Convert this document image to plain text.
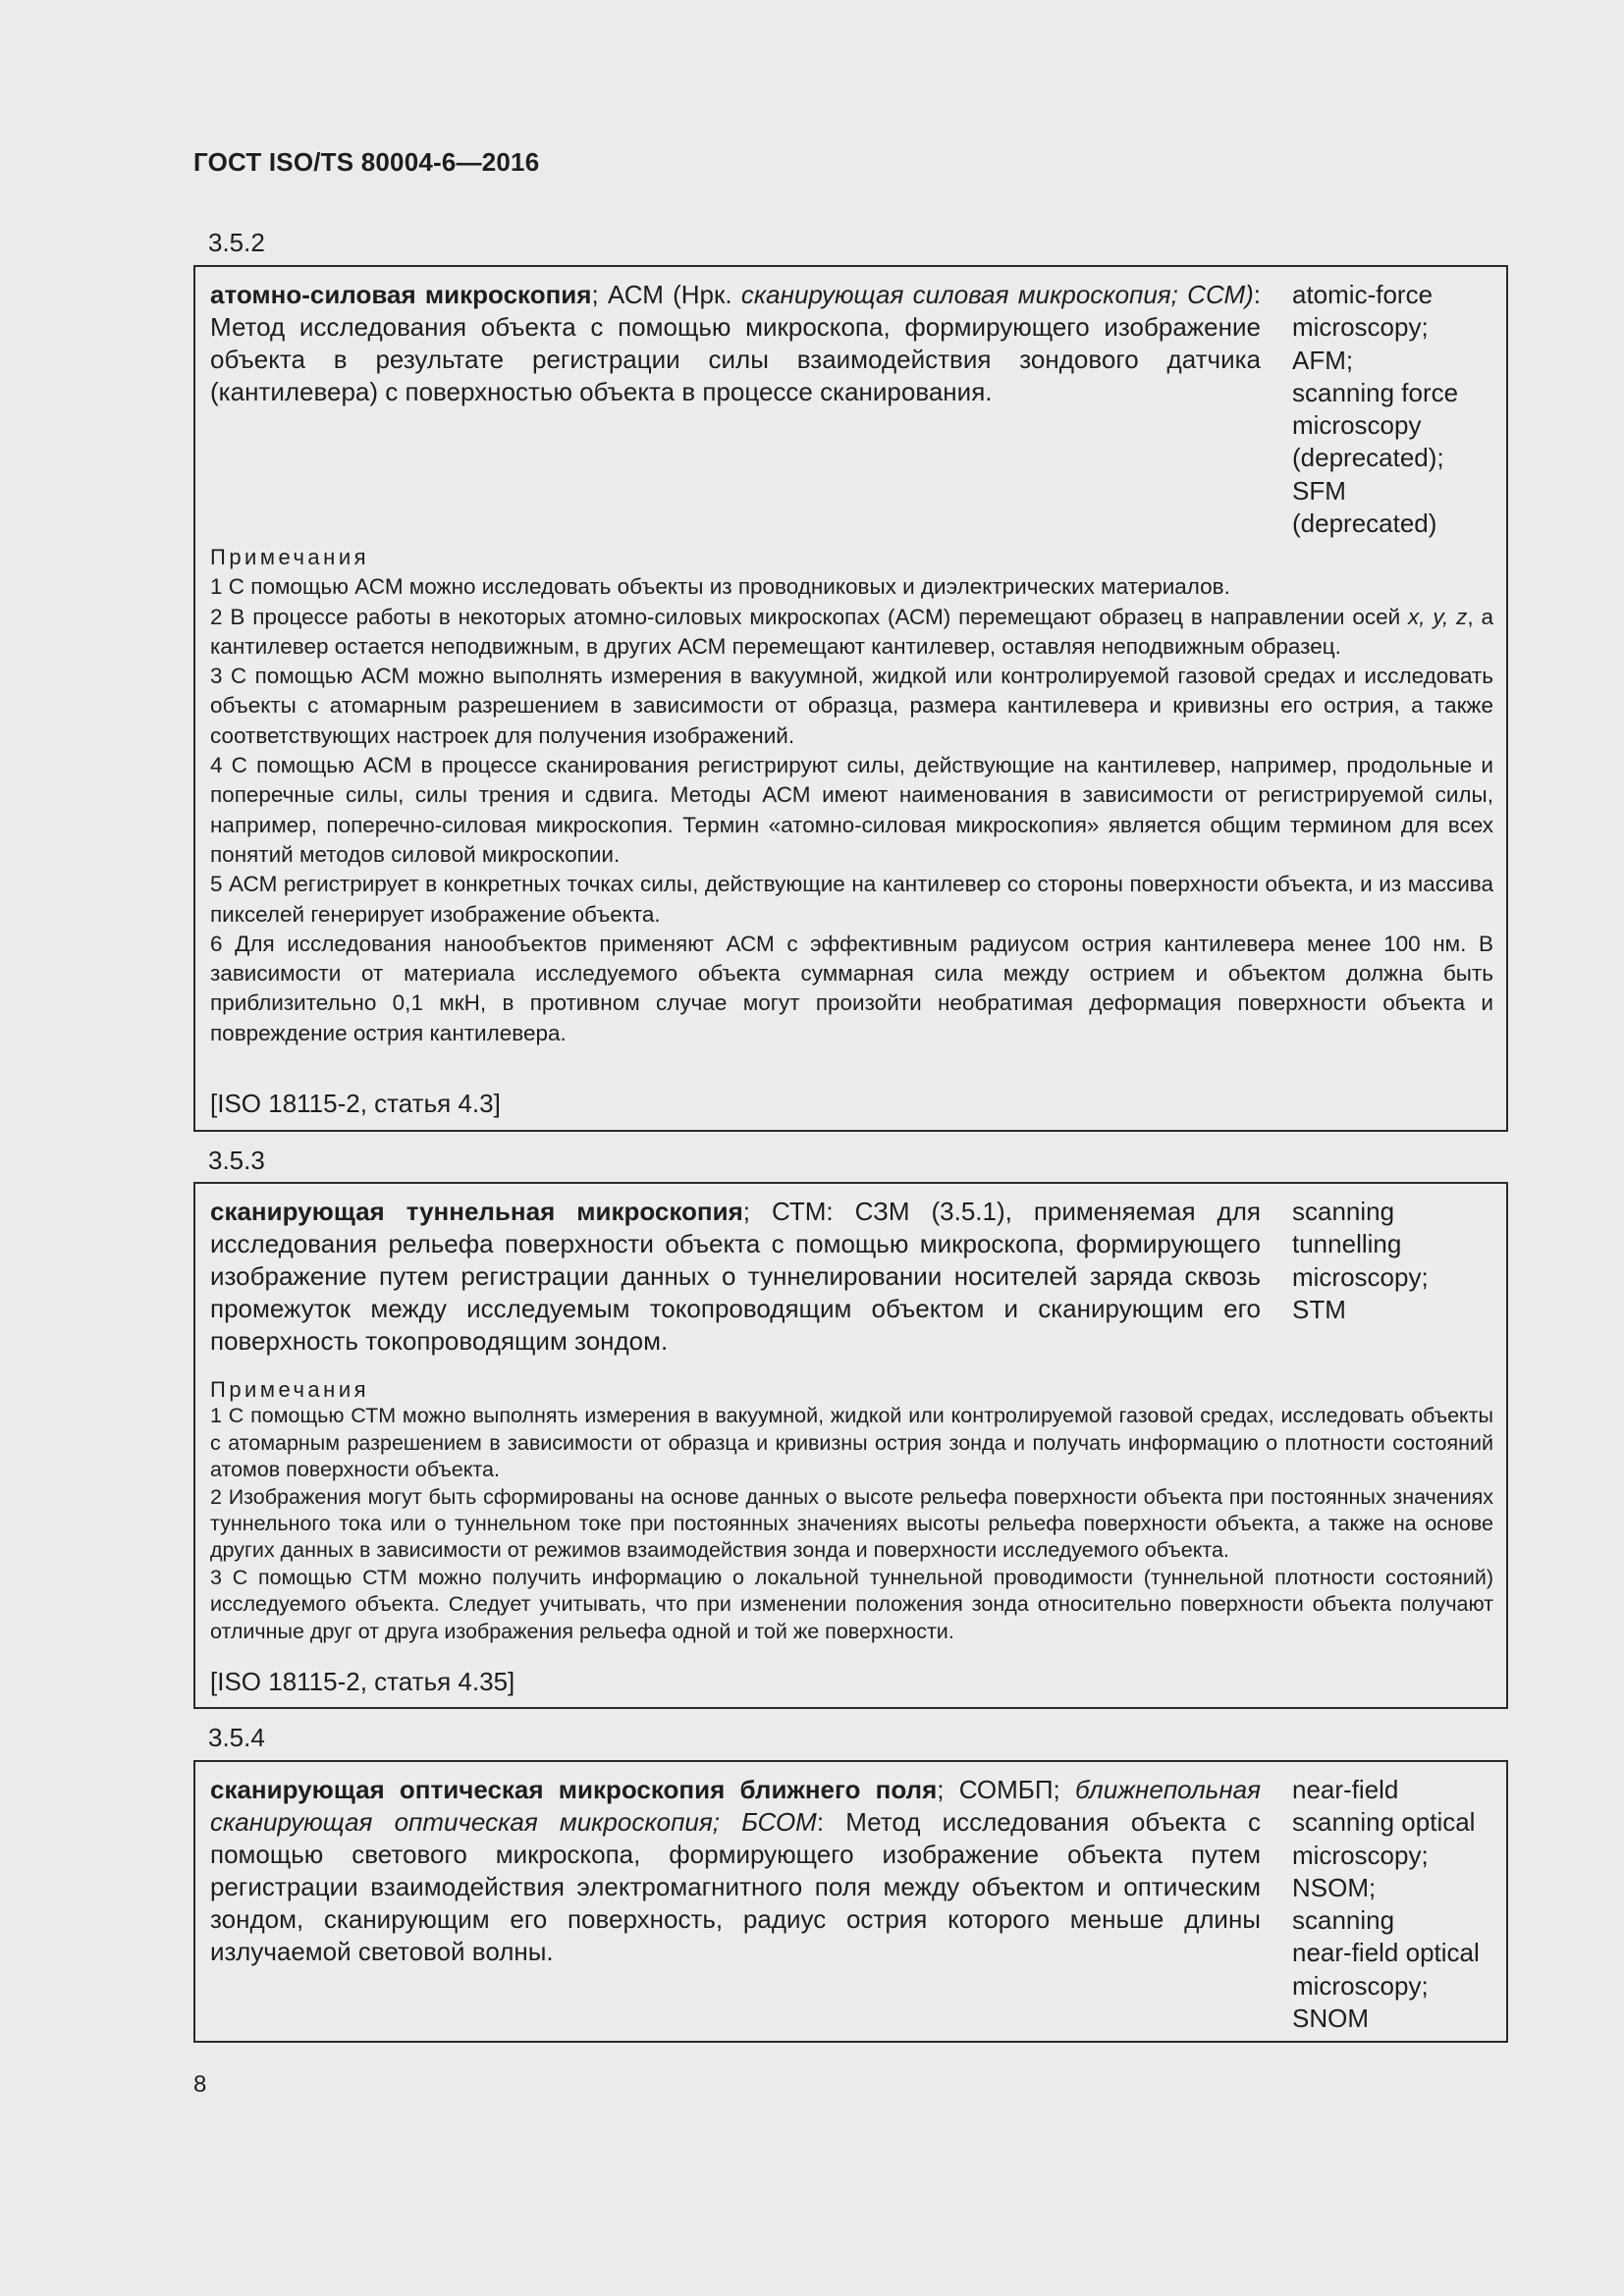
ГОСТ ISO/TS 80004-6—2016
3.5.2
атомно-силовая микроскопия; АСМ (Нрк. сканирующая силовая микроскопия; ССМ): Метод исследования объекта с помощью микроскопа, формирующего изображение объекта в результате регистрации силы взаимодействия зондового датчика (кантилевера) с поверхностью объекта в процессе сканирования.
atomic-force
microscopy;
AFM;
scanning force
microscopy
(deprecated);
SFM
(deprecated)
Примечания
1 С помощью АСМ можно исследовать объекты из проводниковых и диэлектрических материалов.
2 В процессе работы в некоторых атомно-силовых микроскопах (АСМ) перемещают образец в направлении осей x, y, z, а кантилевер остается неподвижным, в других АСМ перемещают кантилевер, оставляя неподвижным образец.
3 С помощью АСМ можно выполнять измерения в вакуумной, жидкой или контролируемой газовой средах и исследовать объекты с атомарным разрешением в зависимости от образца, размера кантилевера и кривизны его острия, а также соответствующих настроек для получения изображений.
4 С помощью АСМ в процессе сканирования регистрируют силы, действующие на кантилевер, например, продольные и поперечные силы, силы трения и сдвига. Методы АСМ имеют наименования в зависимости от регистрируемой силы, например, поперечно-силовая микроскопия. Термин «атомно-силовая микроскопия» является общим термином для всех понятий методов силовой микроскопии.
5 АСМ регистрирует в конкретных точках силы, действующие на кантилевер со стороны поверхности объекта, и из массива пикселей генерирует изображение объекта.
6 Для исследования нанообъектов применяют АСМ с эффективным радиусом острия кантилевера менее 100 нм. В зависимости от материала исследуемого объекта суммарная сила между острием и объектом должна быть приблизительно 0,1 мкН, в противном случае могут произойти необратимая деформация поверхности объекта и повреждение острия кантилевера.
[ISO 18115-2, статья 4.3]
3.5.3
сканирующая туннельная микроскопия; СТМ: СЗМ (3.5.1), применяемая для исследования рельефа поверхности объекта с помощью микроскопа, формирующего изображение путем регистрации данных о туннелировании носителей заряда сквозь промежуток между исследуемым токопроводящим объектом и сканирующим его поверхность токопроводящим зондом.
scanning
tunnelling
microscopy;
STM
Примечания
1 С помощью СТМ можно выполнять измерения в вакуумной, жидкой или контролируемой газовой средах, исследовать объекты с атомарным разрешением в зависимости от образца и кривизны острия зонда и получать информацию о плотности состояний атомов поверхности объекта.
2 Изображения могут быть сформированы на основе данных о высоте рельефа поверхности объекта при постоянных значениях туннельного тока или о туннельном токе при постоянных значениях высоты рельефа поверхности объекта, а также на основе других данных в зависимости от режимов взаимодействия зонда и поверхности исследуемого объекта.
3 С помощью СТМ можно получить информацию о локальной туннельной проводимости (туннельной плотности состояний) исследуемого объекта. Следует учитывать, что при изменении положения зонда относительно поверхности объекта получают отличные друг от друга изображения рельефа одной и той же поверхности.
[ISO 18115-2, статья 4.35]
3.5.4
сканирующая оптическая микроскопия ближнего поля; СОМБП; ближнепольная сканирующая оптическая микроскопия; БСОМ: Метод исследования объекта с помощью светового микроскопа, формирующего изображение объекта путем регистрации взаимодействия электромагнитного поля между объектом и оптическим зондом, сканирующим его поверхность, радиус острия которого меньше длины излучаемой световой волны.
near-field
scanning optical
microscopy;
NSOM;
scanning
near-field optical
microscopy;
SNOM
8
